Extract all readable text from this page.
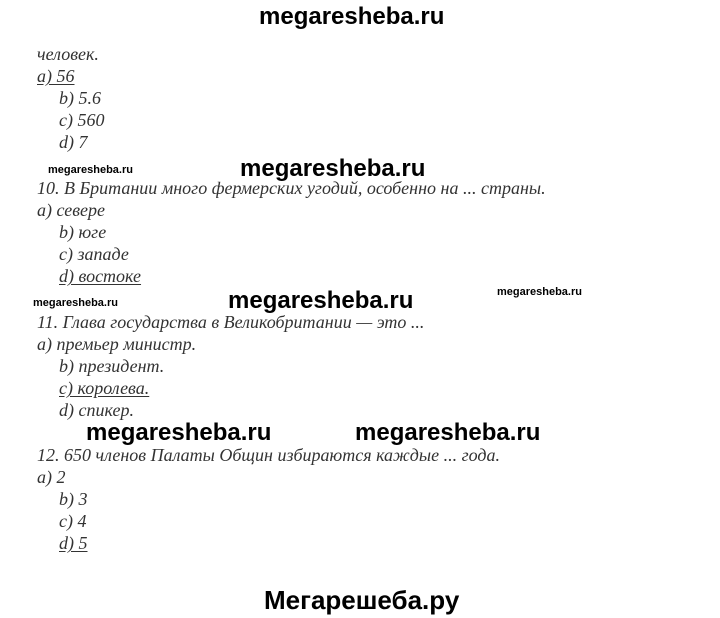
megaresheba.ru
человек.
а) 56
b) 5.6
c) 560
d) 7
megaresheba.ru	megaresheba.ru
10. В Британии много фермерских угодий, особенно на ... страны.
а) севере
b) юге
c) западе
d) востоке
megaresheba.ru	megaresheba.ru	megaresheba.ru
11. Глава государства в Великобритании — это ...
а) премьер министр.
b) президент.
c) королева.
d) спикер.
megaresheba.ru	megaresheba.ru
12. 650 членов Палаты Общин избираются каждые ... года.
а) 2
b) 3
c) 4
d) 5
Мегарешеба.ру
